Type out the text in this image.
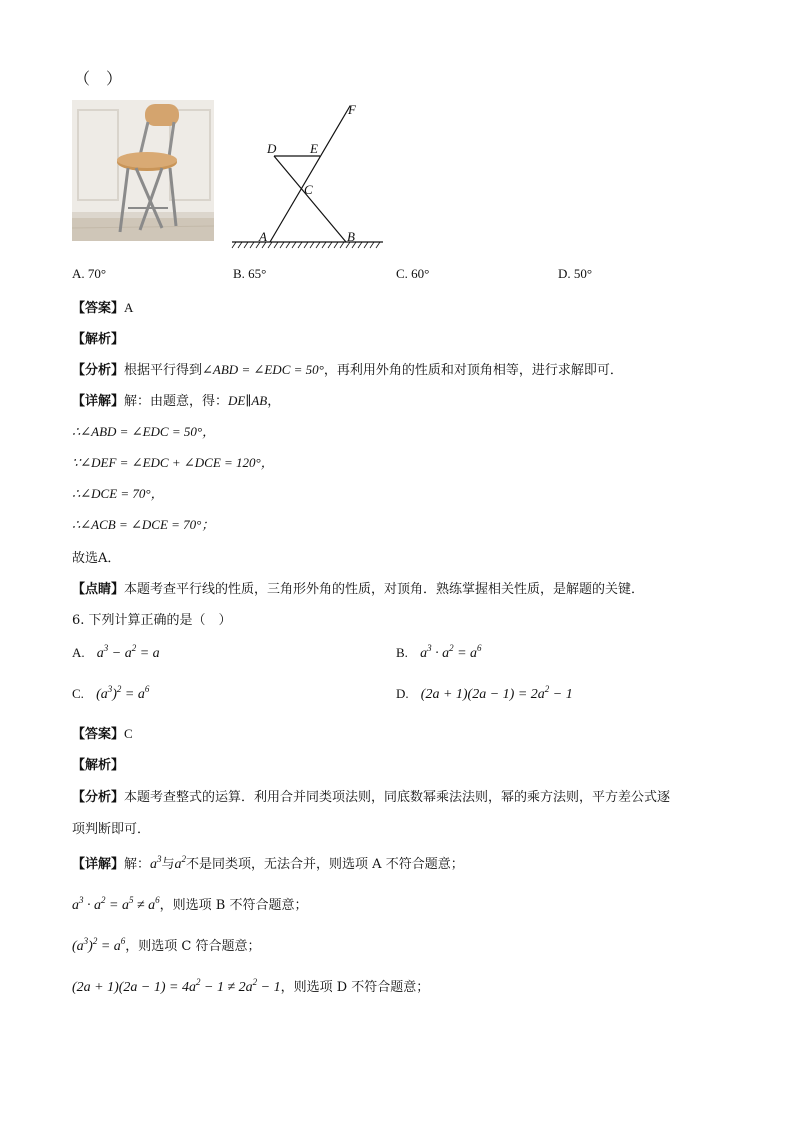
（　）
F
D	E
C
A	B
A. 70°	B. 65°	C. 60°	D. 50°
【答案】A
【解析】
【分析】根据平行得到∠ABD = ∠EDC = 50°，再利用外角的性质和对顶角相等，进行求解即可．
【详解】解：由题意，得：DE∥AB，
∴∠ABD = ∠EDC = 50°，
∵∠DEF = ∠EDC + ∠DCE = 120°，
∴∠DCE = 70°，
∴∠ACB = ∠DCE = 70°；
故选A．
【点睛】本题考查平行线的性质，三角形外角的性质，对顶角．熟练掌握相关性质，是解题的关键．
6. 下列计算正确的是（　）
A. $a^3 - a^2 = a$	B. $a^3 \cdot a^2 = a^6$
C. $(a^3)^2 = a^6$	D. $(2a + 1)(2a - 1) = 2a^2 - 1$
【答案】C
【解析】
【分析】本题考查整式的运算．利用合并同类项法则，同底数幂乘法法则，幂的乘方法则，平方差公式逐
项判断即可．
【详解】解：$a^3$与$a^2$不是同类项，无法合并，则选项 A 不符合题意；
$a^3 \cdot a^2 = a^5 \ne a^6$，则选项 B 不符合题意；
$(a^3)^2 = a^6$，则选项 C 符合题意；
$(2a + 1)(2a - 1) = 4a^2 - 1 \ne 2a^2 - 1$，则选项 D 不符合题意；
